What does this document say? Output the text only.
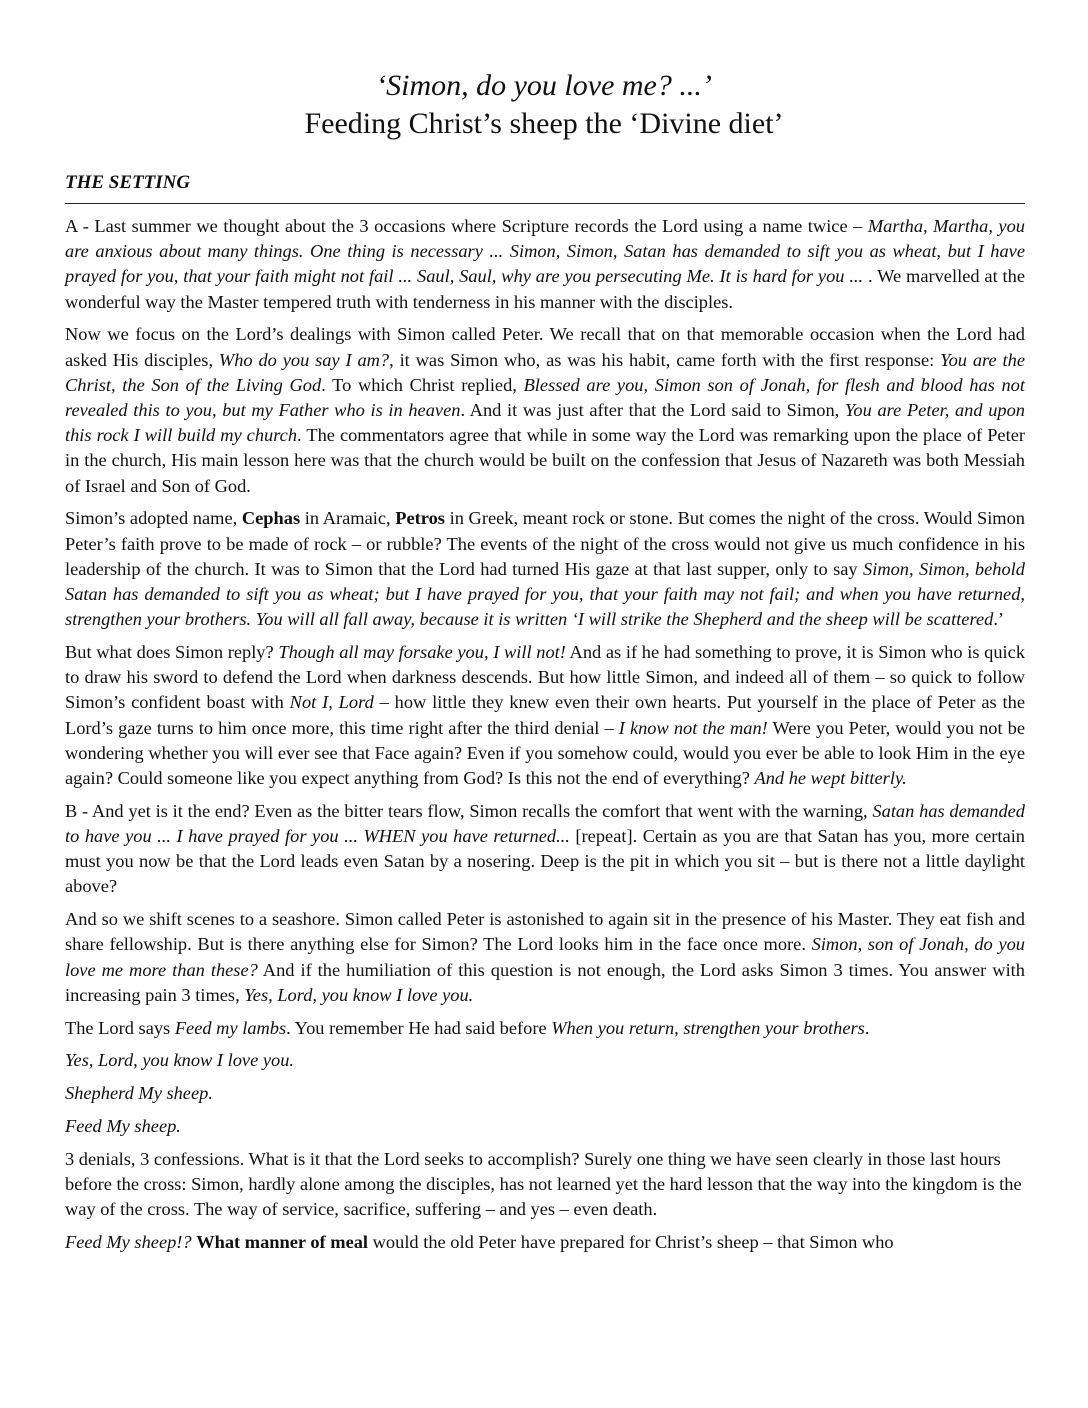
‘Simon, do you love me? ...’
Feeding Christ’s sheep the ‘Divine diet’
THE SETTING

A - Last summer we thought about the 3 occasions where Scripture records the Lord using a name twice – Martha, Martha, you are anxious about many things. One thing is necessary ... Simon, Simon, Satan has demanded to sift you as wheat, but I have prayed for you, that your faith might not fail ... Saul, Saul, why are you persecuting Me. It is hard for you ... . We marvelled at the wonderful way the Master tempered truth with tenderness in his manner with the disciples.

Now we focus on the Lord’s dealings with Simon called Peter. We recall that on that memorable occasion when the Lord had asked His disciples, Who do you say I am?, it was Simon who, as was his habit, came forth with the first response: You are the Christ, the Son of the Living God. To which Christ replied, Blessed are you, Simon son of Jonah, for flesh and blood has not revealed this to you, but my Father who is in heaven. And it was just after that the Lord said to Simon, You are Peter, and upon this rock I will build my church. The commentators agree that while in some way the Lord was remarking upon the place of Peter in the church, His main lesson here was that the church would be built on the confession that Jesus of Nazareth was both Messiah of Israel and Son of God.

Simon’s adopted name, Cephas in Aramaic, Petros in Greek, meant rock or stone. But comes the night of the cross. Would Simon Peter’s faith prove to be made of rock – or rubble? The events of the night of the cross would not give us much confidence in his leadership of the church. It was to Simon that the Lord had turned His gaze at that last supper, only to say Simon, Simon, behold Satan has demanded to sift you as wheat; but I have prayed for you, that your faith may not fail; and when you have returned, strengthen your brothers. You will all fall away, because it is written ‘I will strike the Shepherd and the sheep will be scattered.’

But what does Simon reply? Though all may forsake you, I will not! And as if he had something to prove, it is Simon who is quick to draw his sword to defend the Lord when darkness descends. But how little Simon, and indeed all of them – so quick to follow Simon’s confident boast with Not I, Lord – how little they knew even their own hearts. Put yourself in the place of Peter as the Lord’s gaze turns to him once more, this time right after the third denial – I know not the man! Were you Peter, would you not be wondering whether you will ever see that Face again? Even if you somehow could, would you ever be able to look Him in the eye again? Could someone like you expect anything from God? Is this not the end of everything? And he wept bitterly.

B - And yet is it the end? Even as the bitter tears flow, Simon recalls the comfort that went with the warning, Satan has demanded to have you ... I have prayed for you ... WHEN you have returned... [repeat]. Certain as you are that Satan has you, more certain must you now be that the Lord leads even Satan by a nosering. Deep is the pit in which you sit – but is there not a little daylight above?

And so we shift scenes to a seashore. Simon called Peter is astonished to again sit in the presence of his Master. They eat fish and share fellowship. But is there anything else for Simon? The Lord looks him in the face once more. Simon, son of Jonah, do you love me more than these? And if the humiliation of this question is not enough, the Lord asks Simon 3 times. You answer with increasing pain 3 times, Yes, Lord, you know I love you.

The Lord says Feed my lambs. You remember He had said before When you return, strengthen your brothers.

Yes, Lord, you know I love you.

Shepherd My sheep.

Feed My sheep.

3 denials, 3 confessions. What is it that the Lord seeks to accomplish? Surely one thing we have seen clearly in those last hours before the cross: Simon, hardly alone among the disciples, has not learned yet the hard lesson that the way into the kingdom is the way of the cross. The way of service, sacrifice, suffering – and yes – even death.

Feed My sheep!? What manner of meal would the old Peter have prepared for Christ’s sheep – that Simon who
